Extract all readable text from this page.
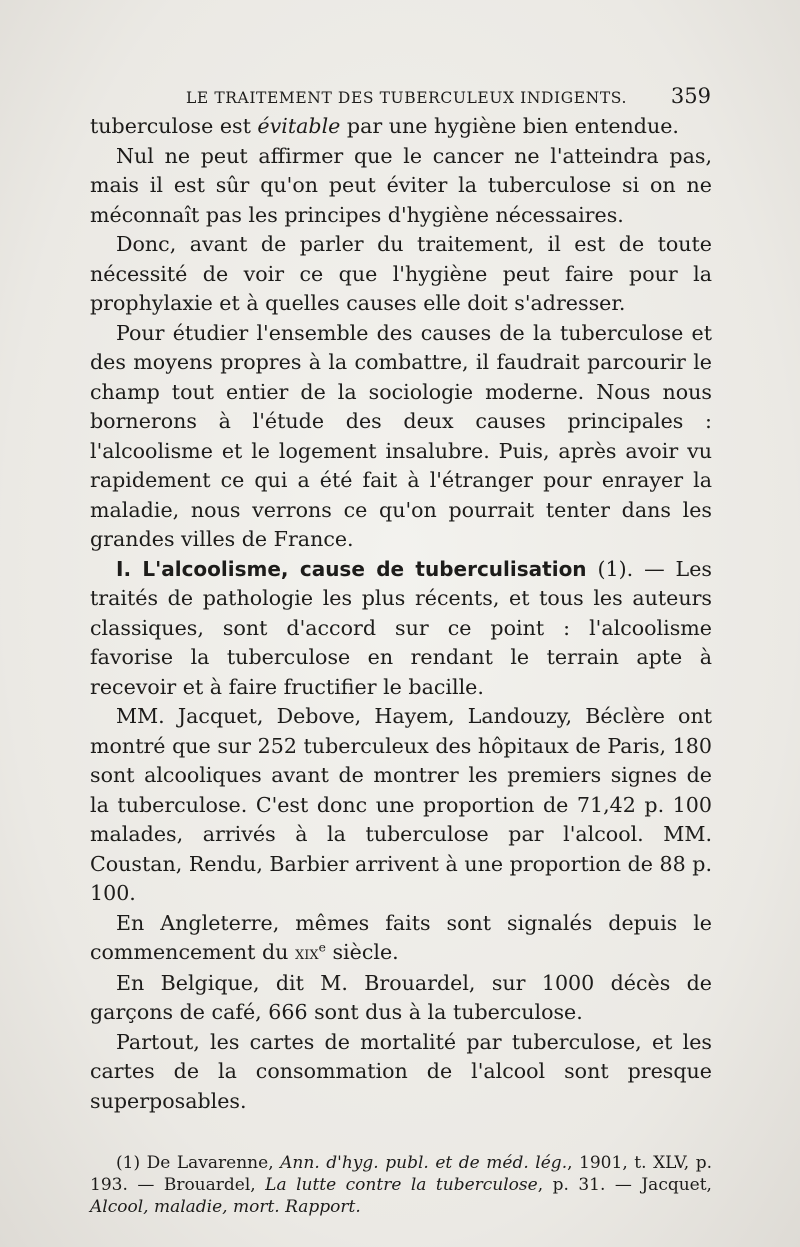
LE TRAITEMENT DES TUBERCULEUX INDIGENTS. 359

tuberculose est évitable par une hygiène bien entendue.

Nul ne peut affirmer que le cancer ne l'atteindra pas, mais il est sûr qu'on peut éviter la tuberculose si on ne méconnaît pas les principes d'hygiène nécessaires.

Donc, avant de parler du traitement, il est de toute nécessité de voir ce que l'hygiène peut faire pour la prophylaxie et à quelles causes elle doit s'adresser.

Pour étudier l'ensemble des causes de la tuberculose et des moyens propres à la combattre, il faudrait parcourir le champ tout entier de la sociologie moderne. Nous nous bornerons à l'étude des deux causes principales : l'alcoolisme et le logement insalubre. Puis, après avoir vu rapidement ce qui a été fait à l'étranger pour enrayer la maladie, nous verrons ce qu'on pourrait tenter dans les grandes villes de France.

I. L'alcoolisme, cause de tuberculisation (1). — Les traités de pathologie les plus récents, et tous les auteurs classiques, sont d'accord sur ce point : l'alcoolisme favorise la tuberculose en rendant le terrain apte à recevoir et à faire fructifier le bacille.

MM. Jacquet, Debove, Hayem, Landouzy, Béclère ont montré que sur 252 tuberculeux des hôpitaux de Paris, 180 sont alcooliques avant de montrer les premiers signes de la tuberculose. C'est donc une proportion de 71,42 p. 100 malades, arrivés à la tuberculose par l'alcool. MM. Coustan, Rendu, Barbier arrivent à une proportion de 88 p. 100.

En Angleterre, mêmes faits sont signalés depuis le commencement du xix$^e$ siècle.

En Belgique, dit M. Brouardel, sur 1000 décès de garçons de café, 666 sont dus à la tuberculose.

Partout, les cartes de mortalité par tuberculose, et les cartes de la consommation de l'alcool sont presque superposables.

(1) De Lavarenne, Ann. d'hyg. publ. et de méd. lég., 1901, t. XLV, p. 193. — Brouardel, La lutte contre la tuberculose, p. 31. — Jacquet, Alcool, maladie, mort. Rapport.
